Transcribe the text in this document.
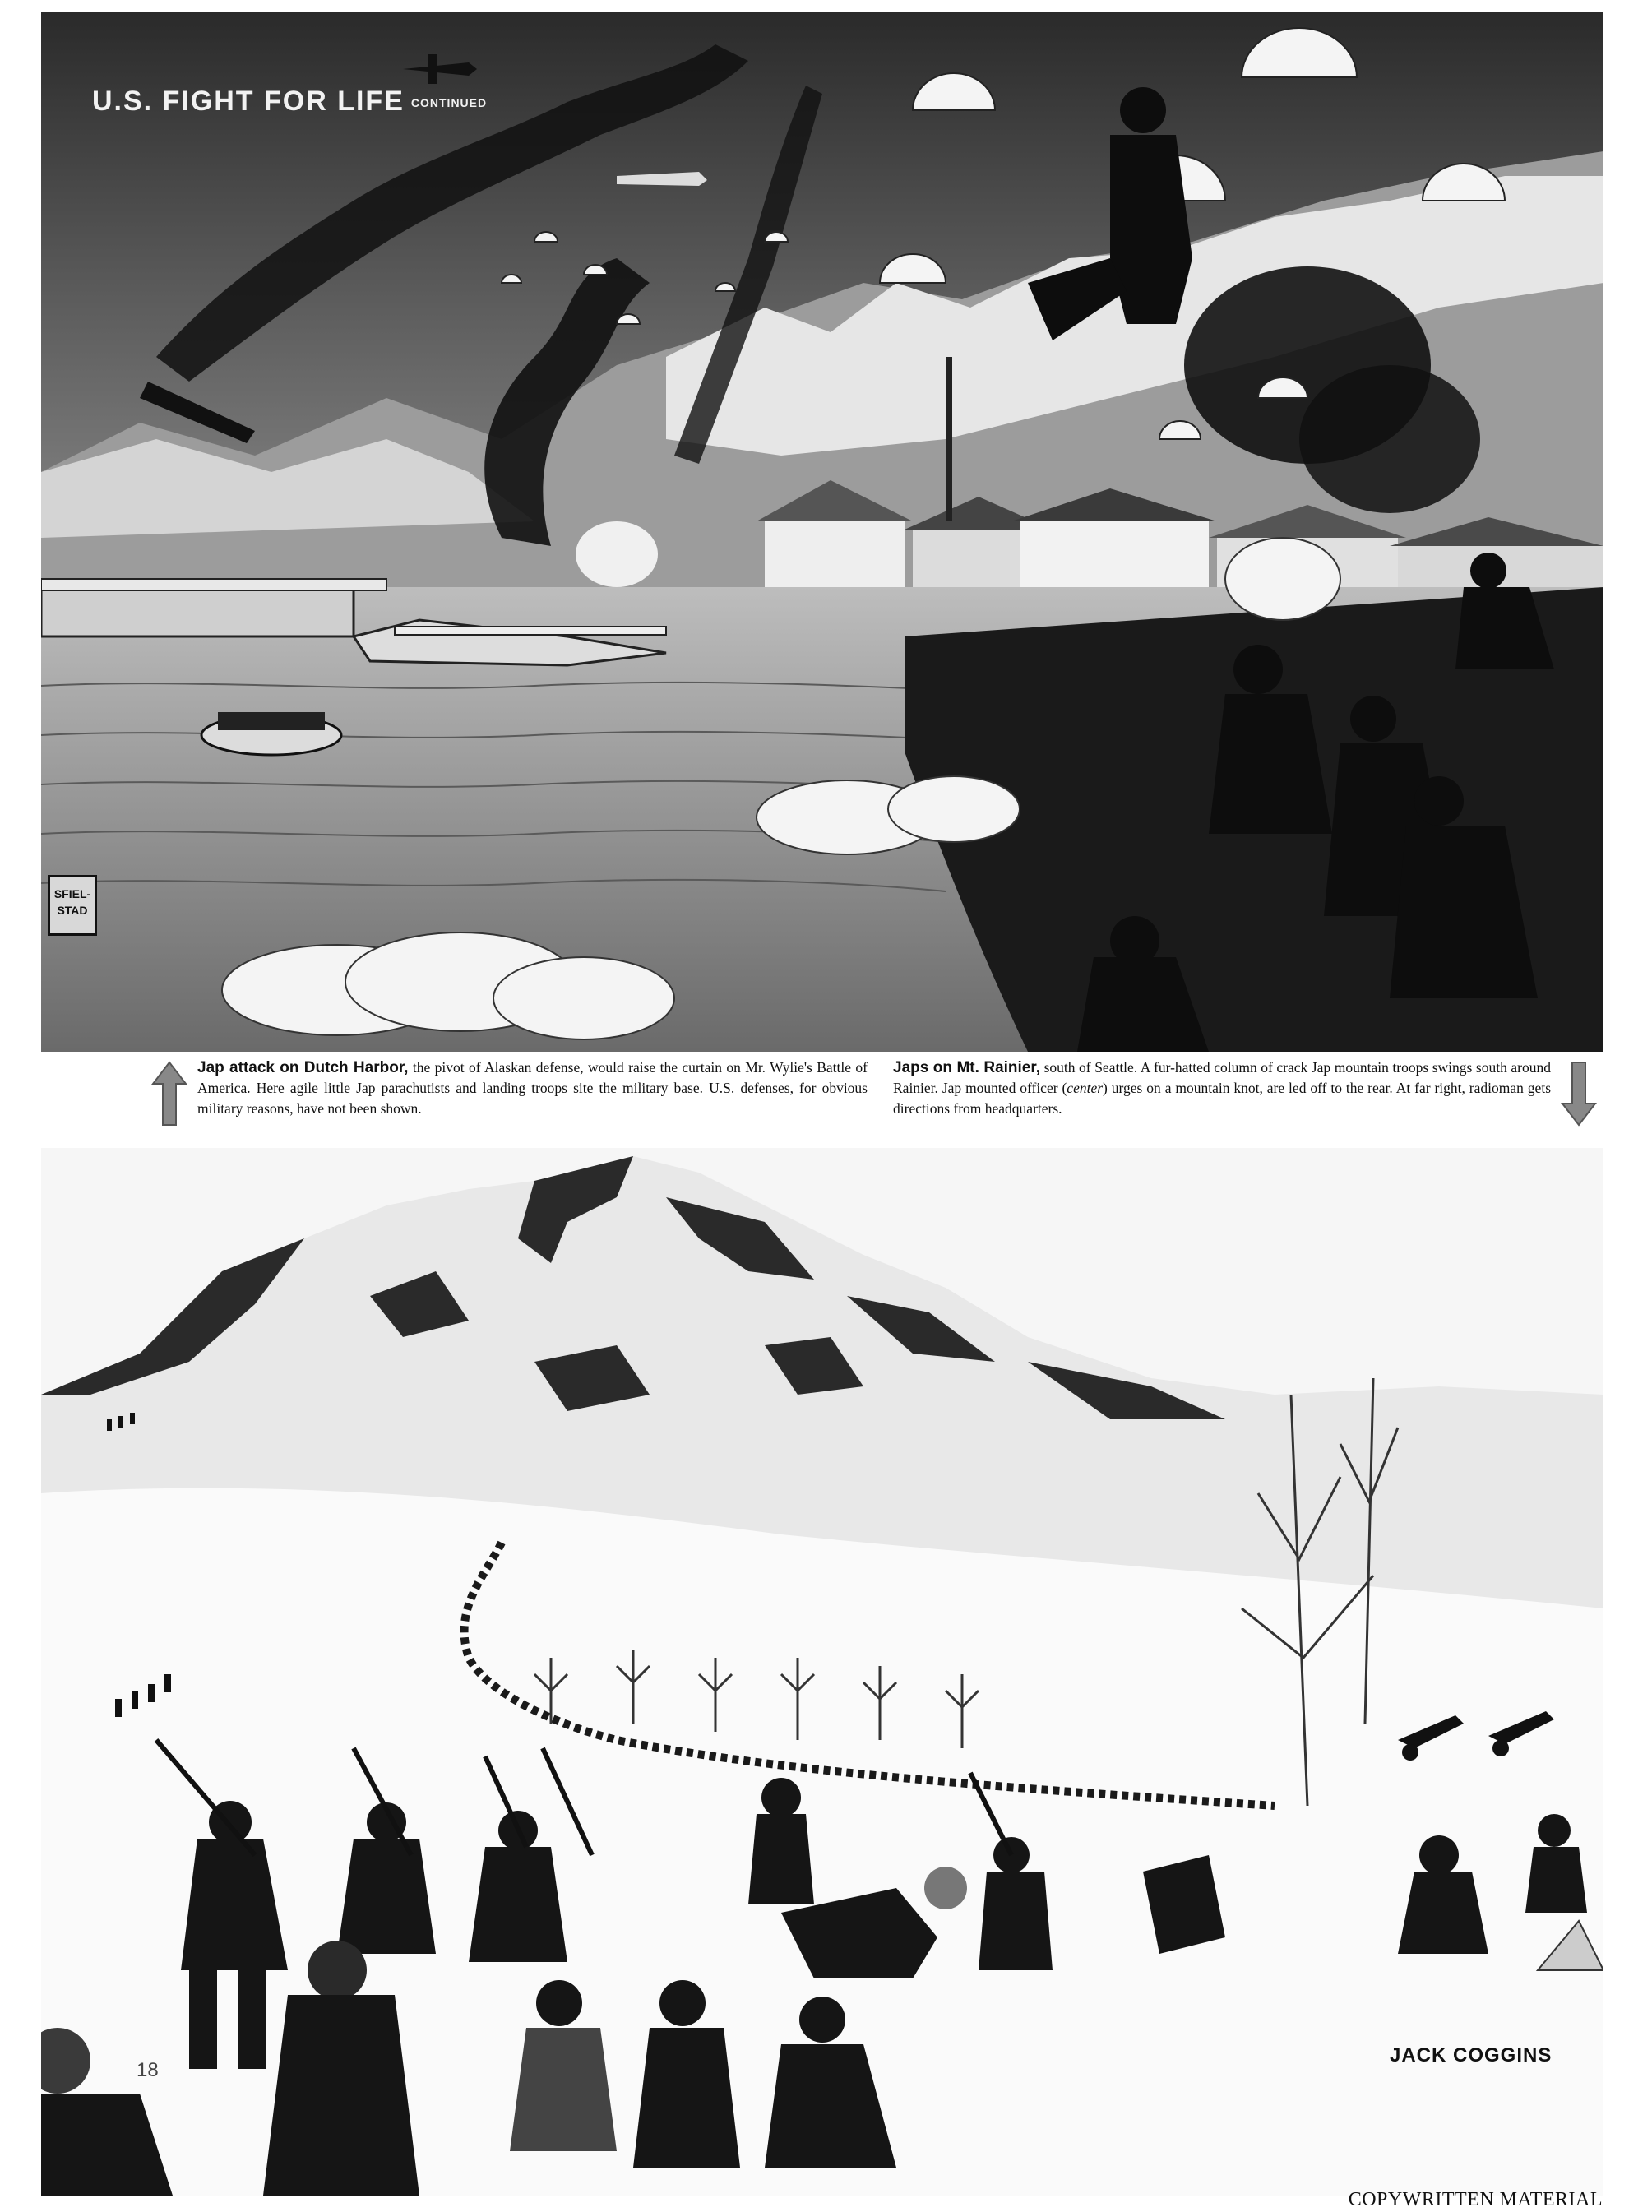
U.S. FIGHT FOR LIFE CONTINUED
SFIEL-STAD
Jap attack on Dutch Harbor, the pivot of Alaskan defense, would raise the curtain on Mr. Wylie's Battle of America. Here agile little Jap parachutists and landing troops site the military base. U.S. defenses, for obvious military reasons, have not been shown.
Japs on Mt. Rainier, south of Seattle. A fur-hatted column of crack Jap mountain troops swings south around Rainier. Jap mounted officer (center) urges on a mountain knot, are led off to the rear. At far right, radioman gets directions from headquarters.
18
JACK COGGINS
COPYWRITTEN MATERIAL
